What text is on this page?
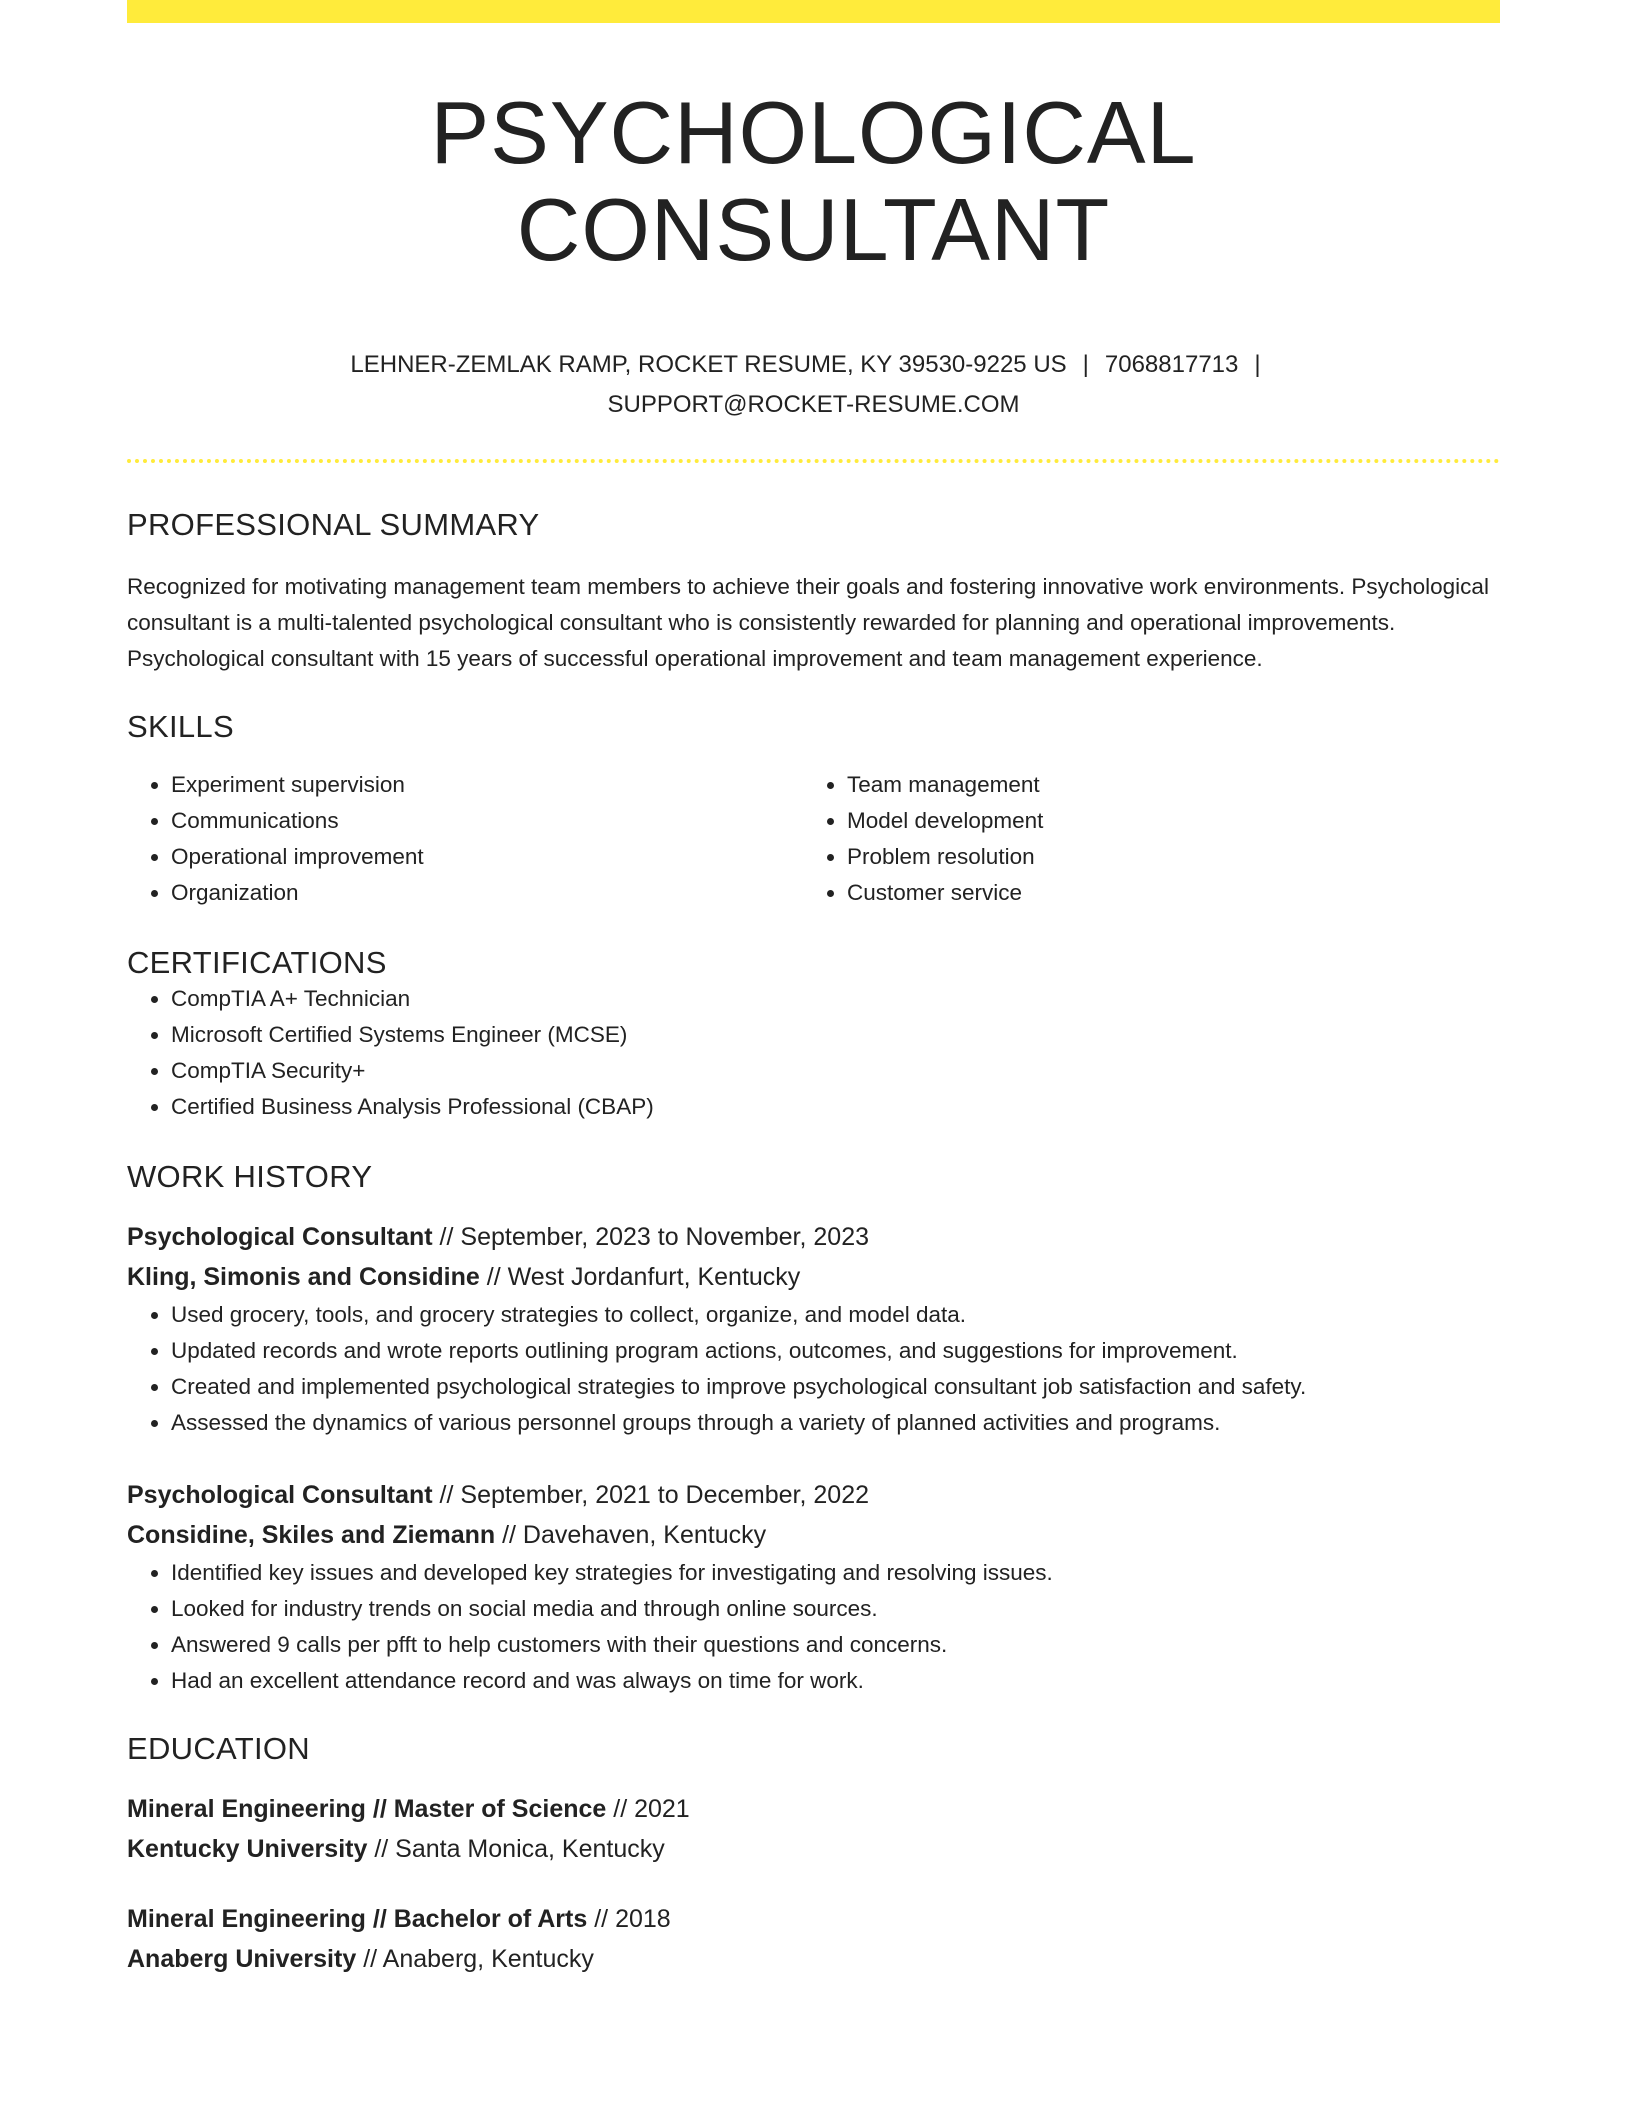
PSYCHOLOGICAL CONSULTANT
LEHNER-ZEMLAK RAMP, ROCKET RESUME, KY 39530-9225 US | 7068817713 |
SUPPORT@ROCKET-RESUME.COM
PROFESSIONAL SUMMARY

Recognized for motivating management team members to achieve their goals and fostering innovative work environments. Psychological consultant is a multi-talented psychological consultant who is consistently rewarded for planning and operational improvements. Psychological consultant with 15 years of successful operational improvement and team management experience.

SKILLS
• Experiment supervision
• Communications
• Operational improvement
• Organization
• Team management
• Model development
• Problem resolution
• Customer service
CERTIFICATIONS
• CompTIA A+ Technician
• Microsoft Certified Systems Engineer (MCSE)
• CompTIA Security+
• Certified Business Analysis Professional (CBAP)
WORK HISTORY
Psychological Consultant // September, 2023 to November, 2023
Kling, Simonis and Considine // West Jordanfurt, Kentucky
• Used grocery, tools, and grocery strategies to collect, organize, and model data.
• Updated records and wrote reports outlining program actions, outcomes, and suggestions for improvement.
• Created and implemented psychological strategies to improve psychological consultant job satisfaction and safety.
• Assessed the dynamics of various personnel groups through a variety of planned activities and programs.
Psychological Consultant // September, 2021 to December, 2022
Considine, Skiles and Ziemann // Davehaven, Kentucky
• Identified key issues and developed key strategies for investigating and resolving issues.
• Looked for industry trends on social media and through online sources.
• Answered 9 calls per pfft to help customers with their questions and concerns.
• Had an excellent attendance record and was always on time for work.
EDUCATION
Mineral Engineering // Master of Science // 2021
Kentucky University // Santa Monica, Kentucky
Mineral Engineering // Bachelor of Arts // 2018
Anaberg University // Anaberg, Kentucky
